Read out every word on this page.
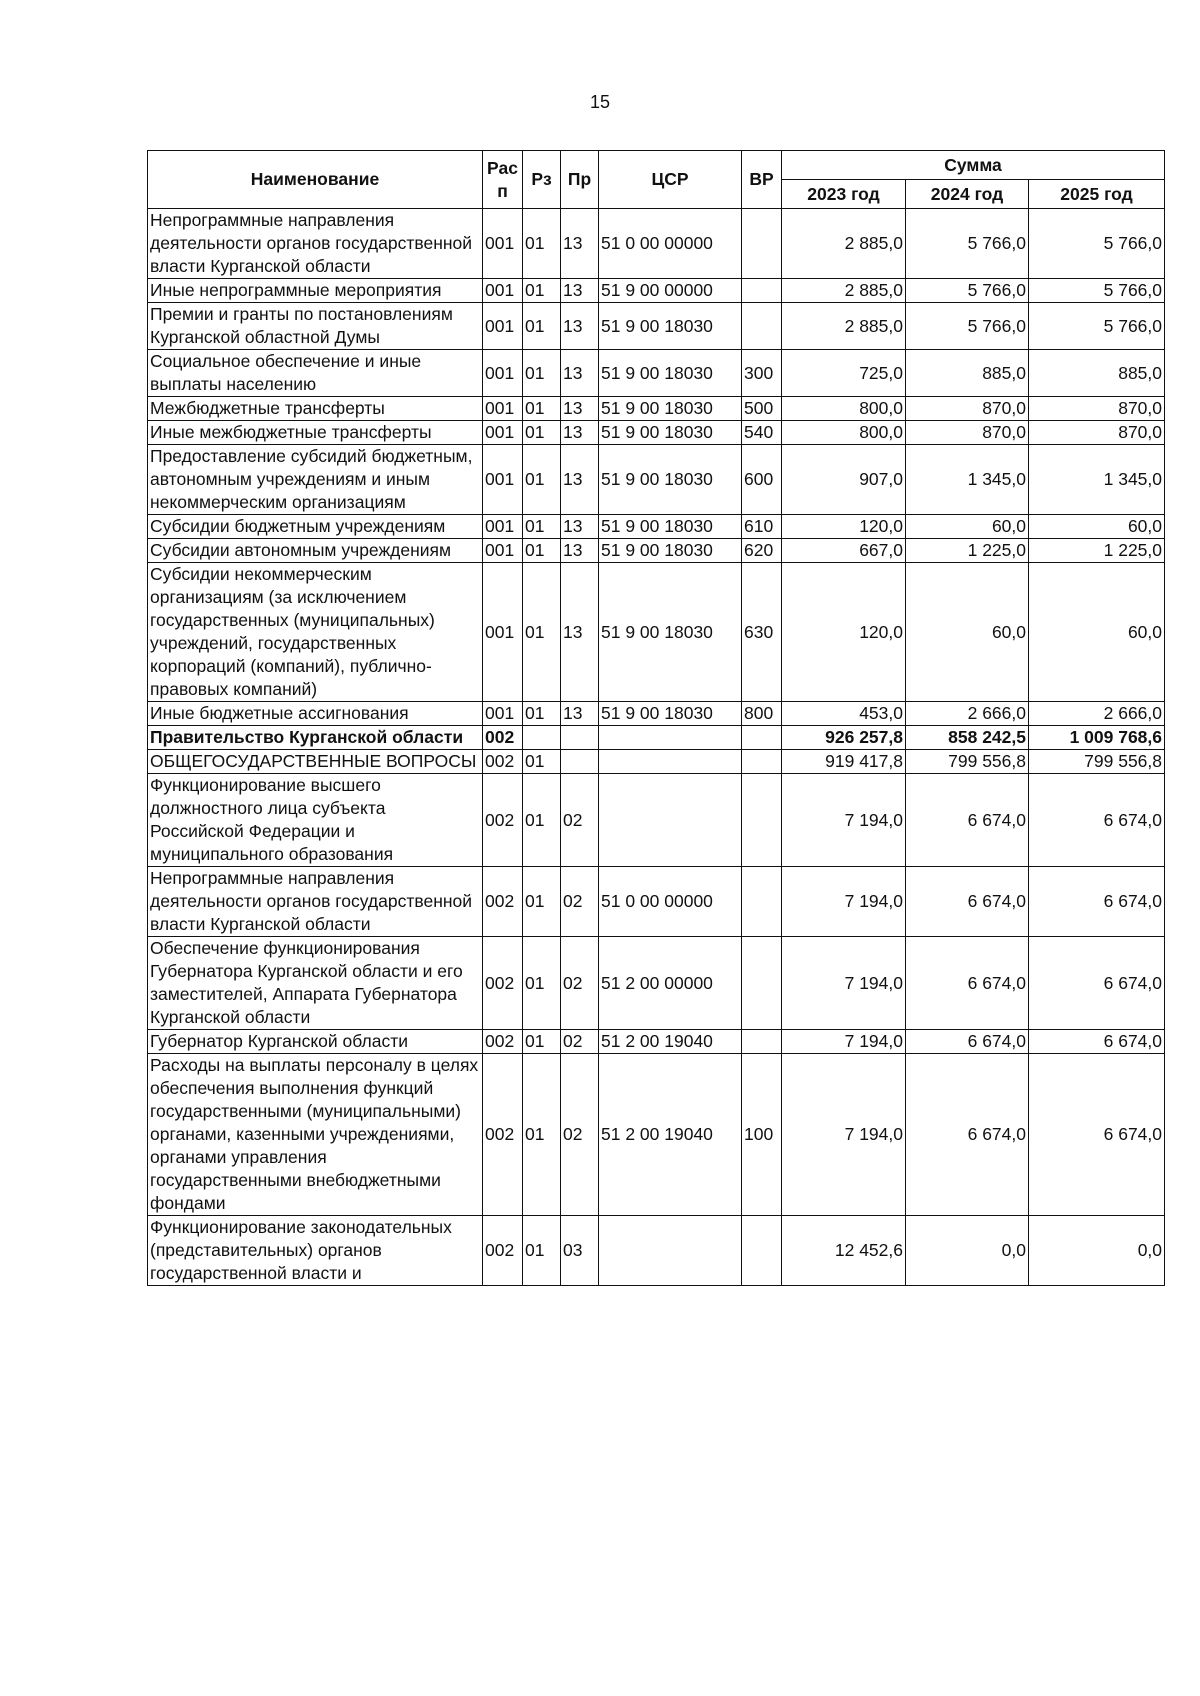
15
Наименование	Рас п	Рз	Пр	ЦСР	ВР	Сумма		
						2023 год	2024 год	2025 год
Непрограммные направления деятельности органов государственной власти Курганской области	001	01	13	51 0 00 00000		2 885,0	5 766,0	5 766,0
Иные непрограммные мероприятия	001	01	13	51 9 00 00000		2 885,0	5 766,0	5 766,0
Премии и гранты по постановлениям Курганской областной Думы	001	01	13	51 9 00 18030		2 885,0	5 766,0	5 766,0
Социальное обеспечение и иные выплаты населению	001	01	13	51 9 00 18030	300	725,0	885,0	885,0
Межбюджетные трансферты	001	01	13	51 9 00 18030	500	800,0	870,0	870,0
Иные межбюджетные трансферты	001	01	13	51 9 00 18030	540	800,0	870,0	870,0
Предоставление субсидий бюджетным, автономным учреждениям и иным некоммерческим организациям	001	01	13	51 9 00 18030	600	907,0	1 345,0	1 345,0
Субсидии бюджетным учреждениям	001	01	13	51 9 00 18030	610	120,0	60,0	60,0
Субсидии автономным учреждениям	001	01	13	51 9 00 18030	620	667,0	1 225,0	1 225,0
Субсидии некоммерческим организациям (за исключением государственных (муниципальных) учреждений, государственных корпораций (компаний), публично-правовых компаний)	001	01	13	51 9 00 18030	630	120,0	60,0	60,0
Иные бюджетные ассигнования	001	01	13	51 9 00 18030	800	453,0	2 666,0	2 666,0
Правительство Курганской области	002					926 257,8	858 242,5	1 009 768,6
ОБЩЕГОСУДАРСТВЕННЫЕ ВОПРОСЫ	002	01				919 417,8	799 556,8	799 556,8
Функционирование высшего должностного лица субъекта Российской Федерации и муниципального образования	002	01	02			7 194,0	6 674,0	6 674,0
Непрограммные направления деятельности органов государственной власти Курганской области	002	01	02	51 0 00 00000		7 194,0	6 674,0	6 674,0
Обеспечение функционирования Губернатора Курганской области и его заместителей, Аппарата Губернатора Курганской области	002	01	02	51 2 00 00000		7 194,0	6 674,0	6 674,0
Губернатор Курганской области	002	01	02	51 2 00 19040		7 194,0	6 674,0	6 674,0
Расходы на выплаты персоналу в целях обеспечения выполнения функций государственными (муниципальными) органами, казенными учреждениями, органами управления государственными внебюджетными фондами	002	01	02	51 2 00 19040	100	7 194,0	6 674,0	6 674,0
Функционирование законодательных (представительных) органов государственной власти и	002	01	03			12 452,6	0,0	0,0
